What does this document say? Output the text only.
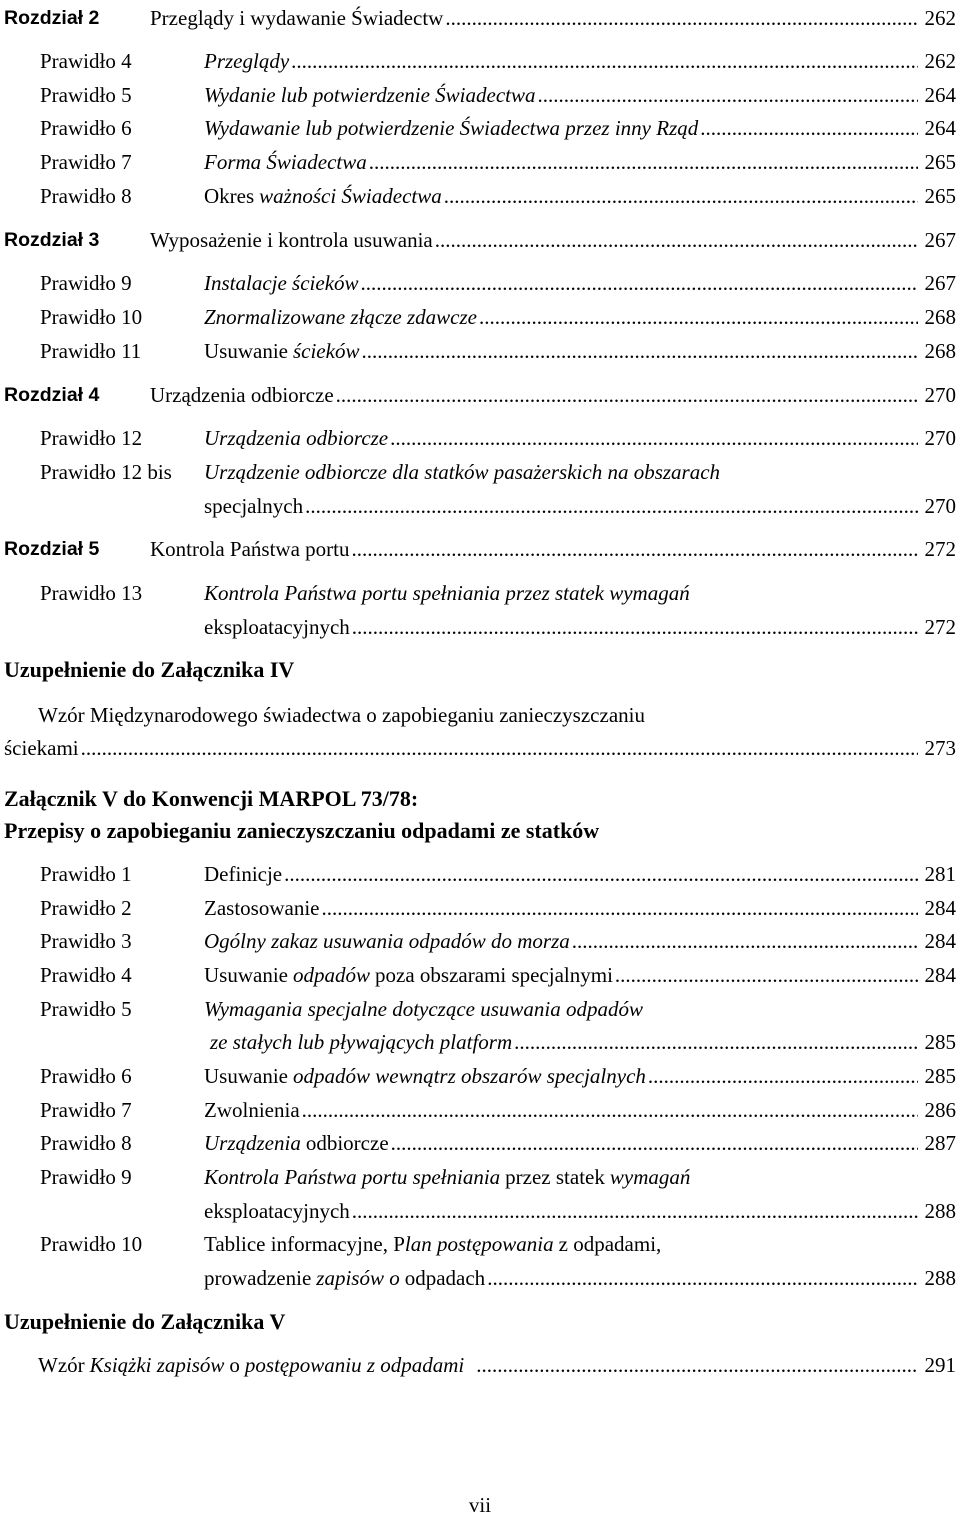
Rozdział 2 Przeglądy i wydawanie Świadectw .....	262
Prawidło 4	Przeglądy .....	262
Prawidło 5	Wydanie lub potwierdzenie Świadectwa .....	264
Prawidło 6	Wydawanie lub potwierdzenie Świadectwa przez inny Rząd .....	264
Prawidło 7	Forma Świadectwa .....	265
Prawidło 8	Okres ważności Świadectwa .....	265
Rozdział 3 Wyposażenie i kontrola usuwania .....	267
Prawidło 9	Instalacje ścieków .....	267
Prawidło 10	Znormalizowane złącze zdawcze .....	268
Prawidło 11	Usuwanie ścieków .....	268
Rozdział 4 Urządzenia odbiorcze .....	270
Prawidło 12	Urządzenia odbiorcze .....	270
Prawidło 12 bis Urządzenie odbiorcze dla statków pasażerskich na obszarach
specjalnych .....	270
Rozdział 5 Kontrola Państwa portu .....	272
Prawidło 13	Kontrola Państwa portu spełniania przez statek wymagań
eksploatacyjnych .....	272
Uzupełnienie do Załącznika IV
Wzór Międzynarodowego świadectwa o zapobieganiu zanieczyszczaniu
ściekami .....	273
Załącznik V do Konwencji MARPOL 73/78:
Przepisy o zapobieganiu zanieczyszczaniu odpadami ze statków
Prawidło 1	Definicje .....	281
Prawidło 2	Zastosowanie .....	284
Prawidło 3	Ogólny zakaz usuwania odpadów do morza .....	284
Prawidło 4	Usuwanie odpadów poza obszarami specjalnymi .....	284
Prawidło 5	Wymagania specjalne dotyczące usuwania odpadów
ze stałych lub pływających platform .....	285
Prawidło 6	Usuwanie odpadów wewnątrz obszarów specjalnych .....	285
Prawidło 7	Zwolnienia .....	286
Prawidło 8	Urządzenia odbiorcze .....	287
Prawidło 9	Kontrola Państwa portu spełniania przez statek wymagań
eksploatacyjnych .....	288
Prawidło 10	Tablice informacyjne, P lan postępowania z odpadami,
prowadzenie zapisów o odpadach .....	288
Uzupełnienie do Załącznika V
Wzór Książki zapisów o postępowaniu z odpadami .....	291
vii
